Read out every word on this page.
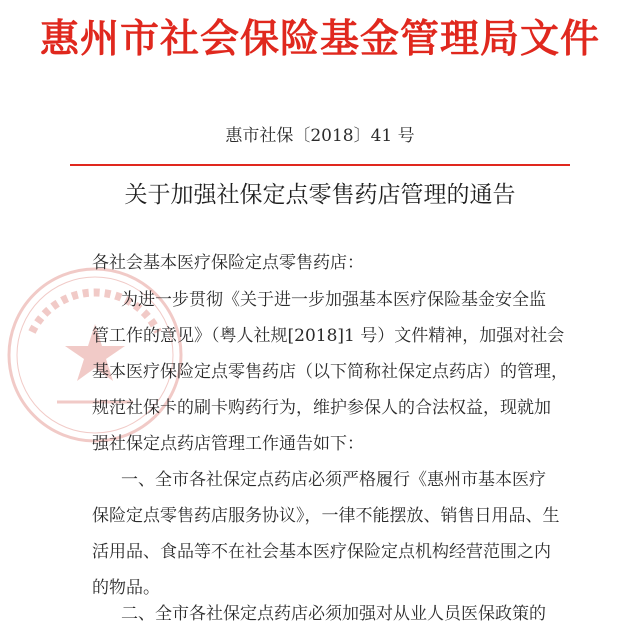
惠州市社会保险基金管理局文件
惠市社保〔2018〕41 号
关于加强社保定点零售药店管理的通告
各社会基本医疗保险定点零售药店：
为进一步贯彻《关于进一步加强基本医疗保险基金安全监
管工作的意见》（粤人社规[2018]1 号）文件精神，加强对社会
基本医疗保险定点零售药店（以下简称社保定点药店）的管理，
规范社保卡的刷卡购药行为，维护参保人的合法权益，现就加
强社保定点药店管理工作通告如下：
一、全市各社保定点药店必须严格履行《惠州市基本医疗
保险定点零售药店服务协议》，一律不能摆放、销售日用品、生
活用品、食品等不在社会基本医疗保险定点机构经营范围之内
的物品。
二、全市各社保定点药店必须加强对从业人员医保政策的
